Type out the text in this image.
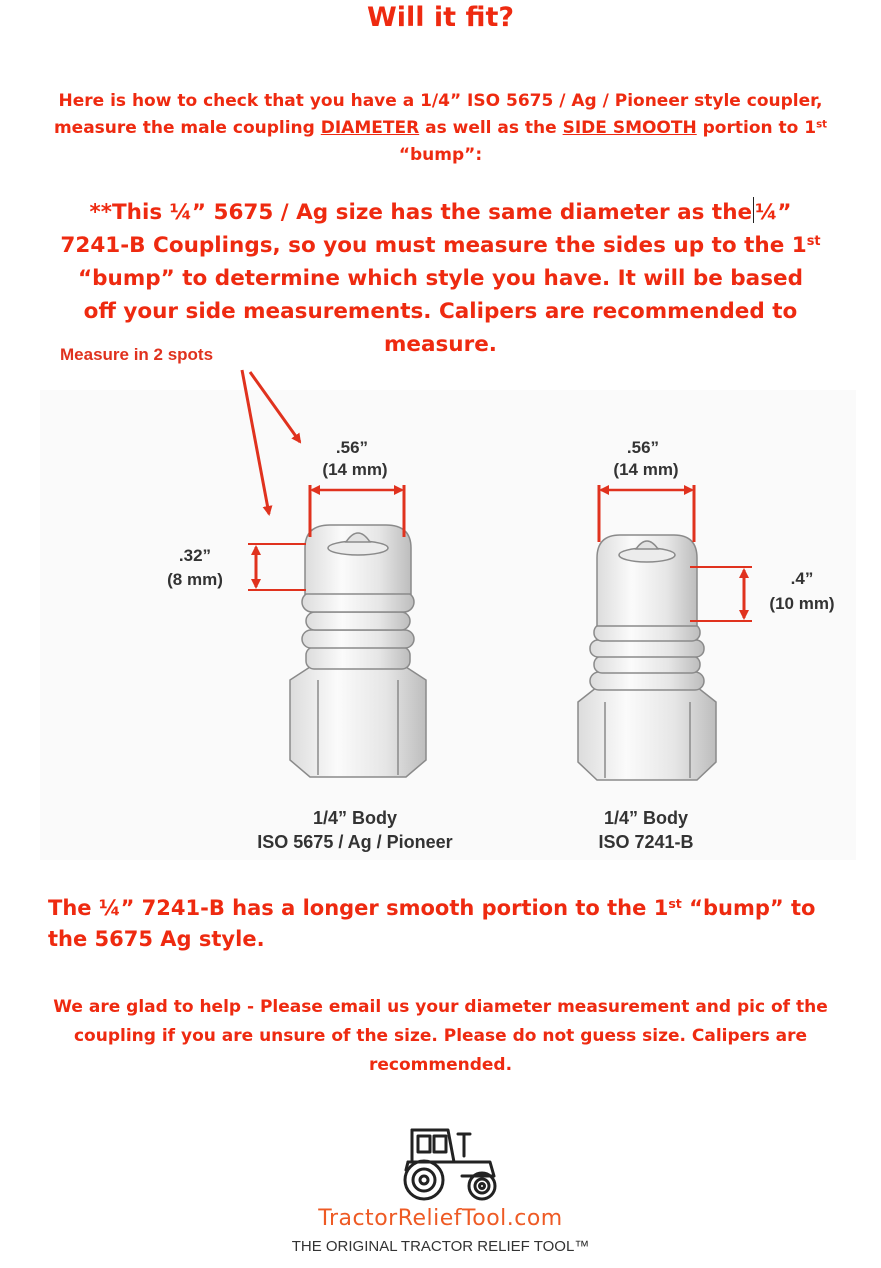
Will it fit?
Here is how to check that you have a 1/4” ISO 5675 / Ag / Pioneer style coupler, measure the male coupling DIAMETER as well as the SIDE SMOOTH portion to 1st “bump”:
**This ¼” 5675 / Ag size has the same diameter as the ¼” 7241-B Couplings, so you must measure the sides up to the 1st “bump” to determine which style you have. It will be based off your side measurements. Calipers are recommended to measure.
Measure in 2 spots
.56”
(14 mm)
.32”
(8 mm)
.56”
(14 mm)
.4”
(10 mm)
1/4” Body
ISO 5675 / Ag / Pioneer
1/4” Body
ISO 7241-B
The ¼” 7241-B has a longer smooth portion to the 1st “bump” to the 5675 Ag style.
We are glad to help - Please email us your diameter measurement and pic of the coupling if you are unsure of the size. Please do not guess size. Calipers are recommended.
TractorReliefTool.com
THE ORIGINAL TRACTOR RELIEF TOOL™
